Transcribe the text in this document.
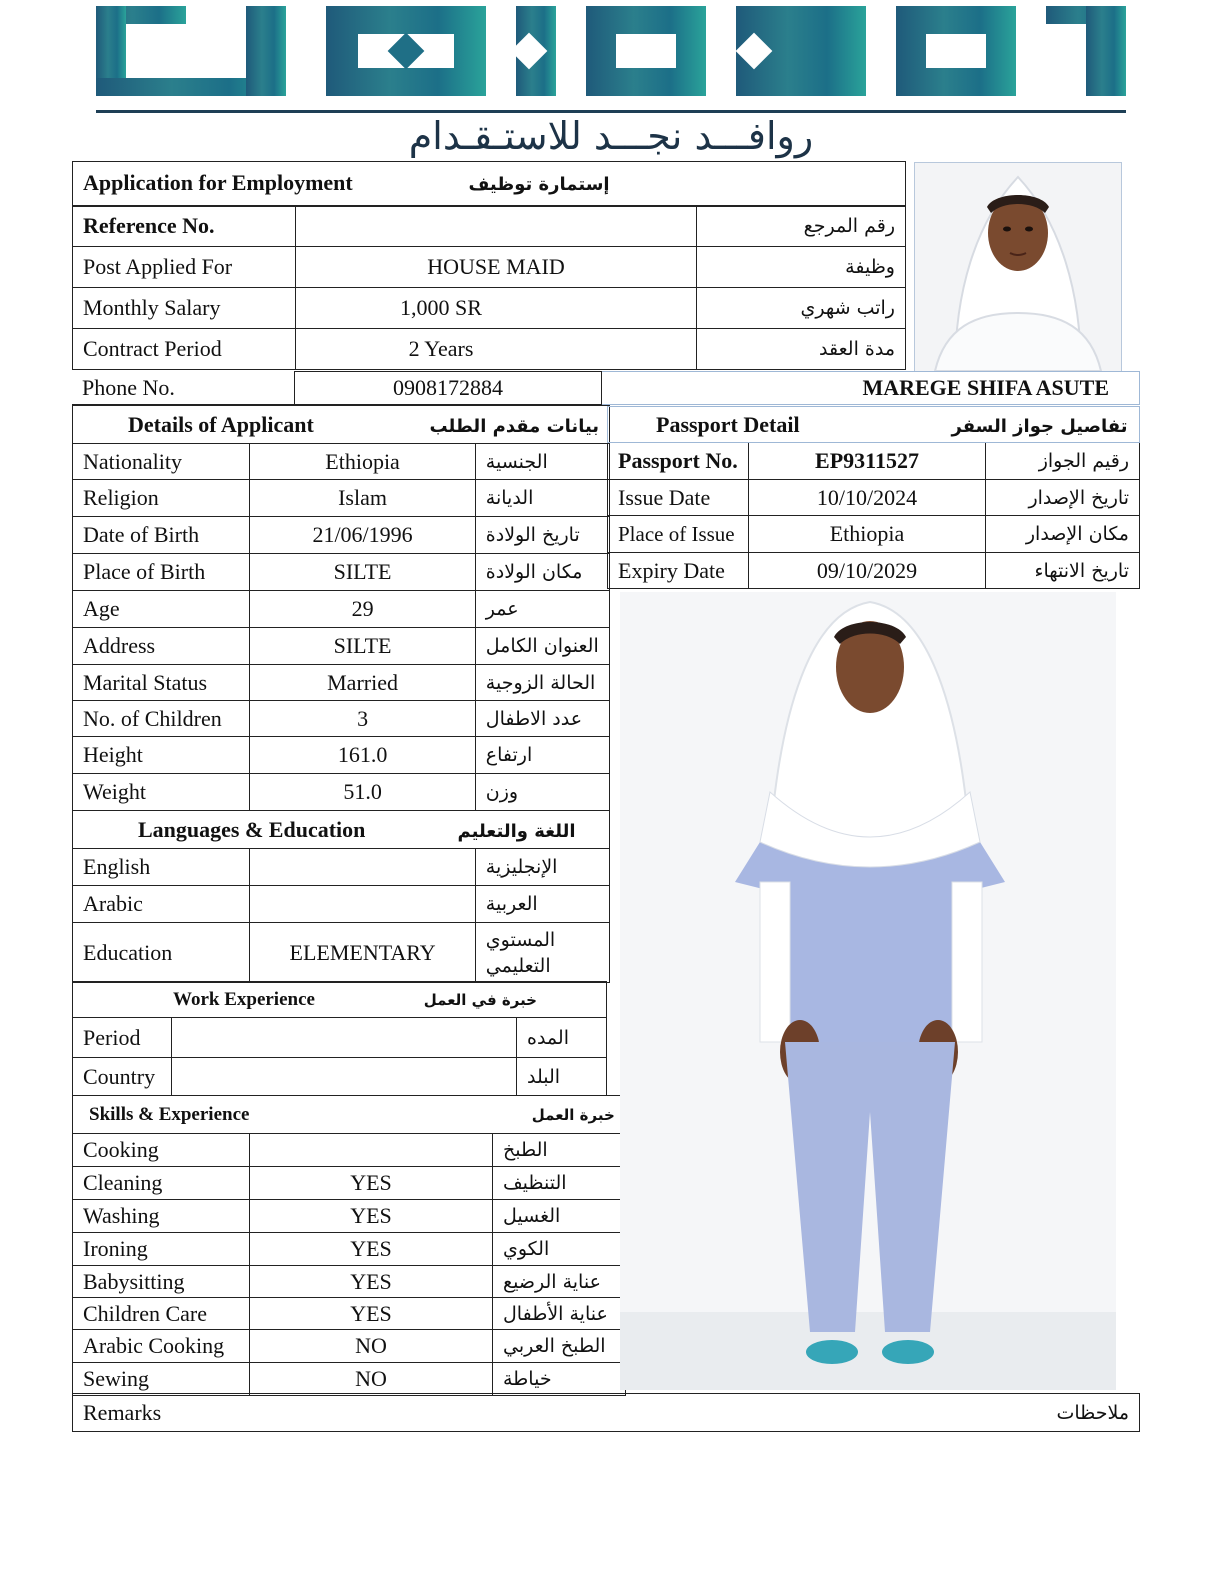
روافـــد نجـــد للاستـقـدام
Application for Employment إستمارة توظيف		
Reference No.		رقم المرجع
Post Applied For	HOUSE MAID	وظيفة
Monthly Salary	1,000 SR	راتب شهري
Contract Period	2 Years	مدة العقد
Phone No.	0908172884	MAREGE SHIFA ASUTE
Details of Applicant بيانات مقدم الطلب		
Nationality	Ethiopia	الجنسية
Religion	Islam	الديانة
Date of Birth	21/06/1996	تاريخ الولادة
Place of Birth	SILTE	مكان الولادة
Age	29	عمر
Address	SILTE	العنوان الكامل
Marital Status	Married	الحالة الزوجية
No. of Children	3	عدد الاطفال
Height	161.0	ارتفاع
Weight	51.0	وزن
Languages & Education اللغة والتعليم		
English		الإنجليزية
Arabic		العربية
Education	ELEMENTARY	المستوي التعليمي
Work Experience خبرة في العمل		
Period		المده
Country		البلد
Skills & Experience خبرة العمل		
Cooking		الطبخ
Cleaning	YES	التنظيف
Washing	YES	الغسيل
Ironing	YES	الكوي
Babysitting	YES	عناية الرضيع
Children Care	YES	عناية الأطفال
Arabic Cooking	NO	الطبخ العربي
Sewing	NO	خياطة
Passport Detail تفاصيل جواز السفر		
Passport No.	EP9311527	رقيم الجواز
Issue Date	10/10/2024	تاريخ الإصدار
Place of Issue	Ethiopia	مكان الإصدار
Expiry Date	09/10/2029	تاريخ الانتهاء
Remarks	ملاحظات
